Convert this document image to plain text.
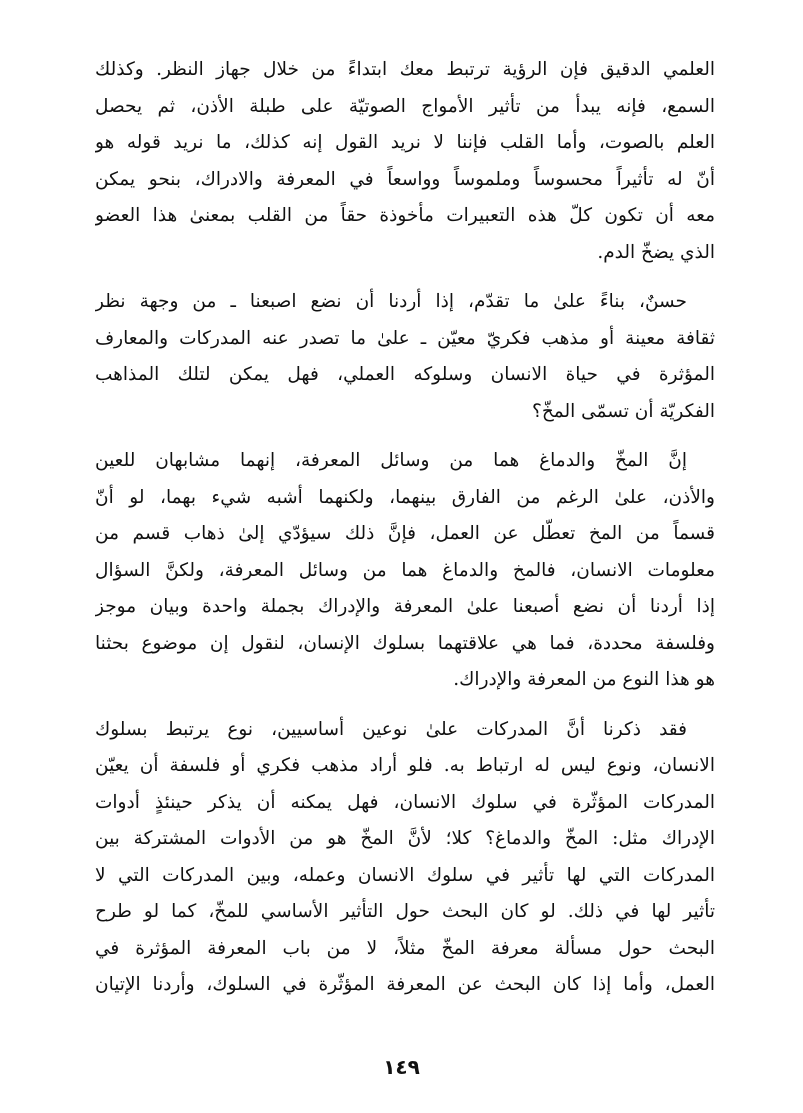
العلمي الدقيق فإن الرؤية ترتبط معك ابتداءً من خلال جهاز النظر. وكذلك
السمع، فإنه يبدأ من تأثير الأمواج الصوتيّة على طبلة الأذن، ثم يحصل
العلم بالصوت، وأما القلب فإننا لا نريد القول إنه كذلك، ما نريد قوله هو
أنّ له تأثيراً محسوساً وملموساً وواسعاً في المعرفة والادراك، بنحو يمكن
معه أن تكون كلّ هذه التعبيرات مأخوذة حقاً من القلب بمعنىٰ هذا العضو
الذي يضخّ الدم.
حسنٌ، بناءً علىٰ ما تقدّم، إذا أردنا أن نضع اصبعنا ـ من وجهة نظر
ثقافة معينة أو مذهب فكريّ معيّن ـ علىٰ ما تصدر عنه المدركات والمعارف
المؤثرة في حياة الانسان وسلوكه العملي، فهل يمكن لتلك المذاهب
الفكريّة أن تسمّى المخّ؟
إنَّ المخّ والدماغ هما من وسائل المعرفة، إنهما مشابهان للعين
والأذن، علىٰ الرغم من الفارق بينهما، ولكنهما أشبه شيء بهما، لو أنّ
قسماً من المخ تعطّل عن العمل، فإنَّ ذلك سيؤدّي إلىٰ ذهاب قسم من
معلومات الانسان، فالمخ والدماغ هما من وسائل المعرفة، ولكنَّ السؤال
إذا أردنا أن نضع أصبعنا علىٰ المعرفة والإدراك بجملة واحدة وبيان موجز
وفلسفة محددة، فما هي علاقتهما بسلوك الإنسان، لنقول إن موضوع بحثنا
هو هذا النوع من المعرفة والإدراك.
فقد ذكرنا أنَّ المدركات علىٰ نوعين أساسيين، نوع يرتبط بسلوك
الانسان، ونوع ليس له ارتباط به. فلو أراد مذهب فكري أو فلسفة أن يعيّن
المدركات المؤثّرة في سلوك الانسان، فهل يمكنه أن يذكر حينئذٍ أدوات
الإدراك مثل: المخّ والدماغ؟ كلا؛ لأنَّ المخّ هو من الأدوات المشتركة بين
المدركات التي لها تأثير في سلوك الانسان وعمله، وبين المدركات التي لا
تأثير لها في ذلك. لو كان البحث حول التأثير الأساسي للمخّ، كما لو طرح
البحث حول مسألة معرفة المخّ مثلاً، لا من باب المعرفة المؤثرة في
العمل، وأما إذا كان البحث عن المعرفة المؤثّرة في السلوك، وأردنا الإتيان
١٤٩
